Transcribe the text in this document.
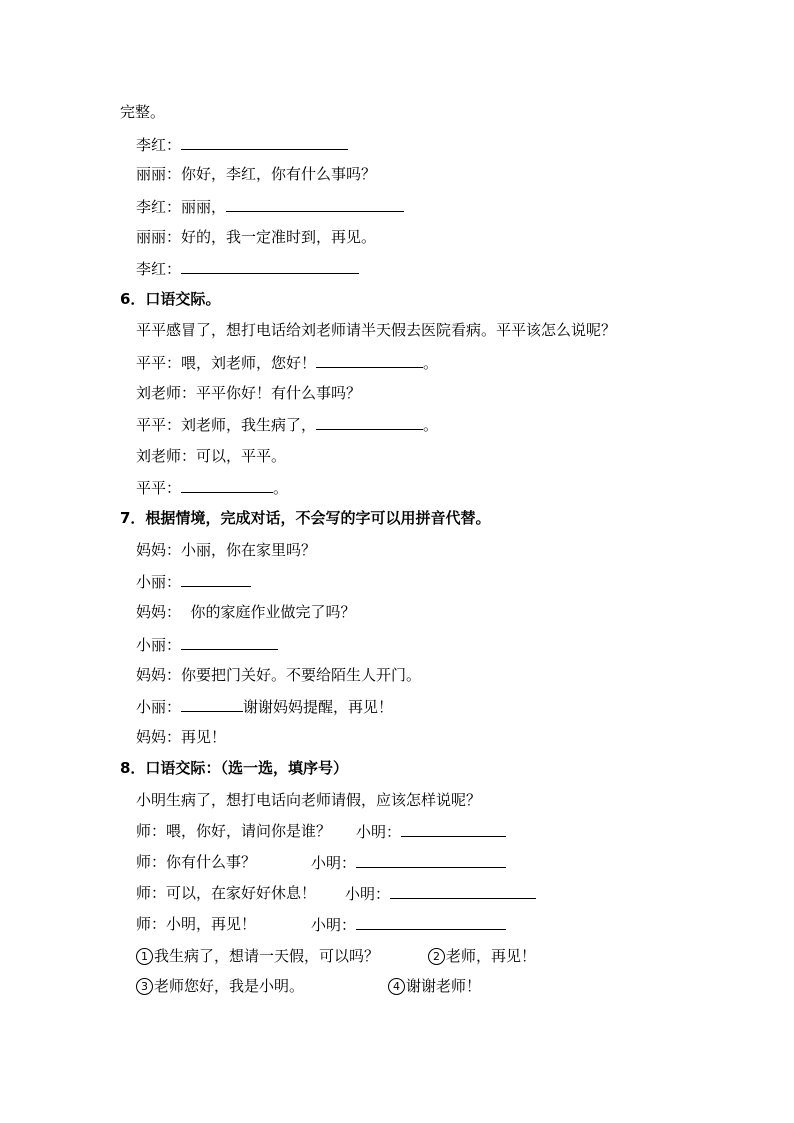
完整。
李红：
丽丽：你好，李红，你有什么事吗？
李红：丽丽，
丽丽：好的，我一定准时到，再见。
李红：
6．口语交际。
平平感冒了，想打电话给刘老师请半天假去医院看病。平平该怎么说呢？
平平：喂，刘老师，您好！	。
刘老师：平平你好！有什么事吗？
平平：刘老师，我生病了，	。
刘老师：可以，平平。
平平：	。
7．根据情境，完成对话，不会写的字可以用拼音代替。
妈妈：小丽，你在家里吗？
小丽：
妈妈：  你的家庭作业做完了吗？
小丽：
妈妈：你要把门关好。不要给陌生人开门。
小丽：	谢谢妈妈提醒，再见！
妈妈：再见！
8．口语交际：（选一选，填序号）
小明生病了，想打电话向老师请假，应该怎样说呢？
师：喂，你好，请问你是谁？ 小明：
师：你有什么事？	小明：
师：可以，在家好好休息！ 小明：
师：小明，再见！	小明：
1 我生病了，想请一天假，可以吗？	2 老师，再见！
3 老师您好，我是小明。	4 谢谢老师！
